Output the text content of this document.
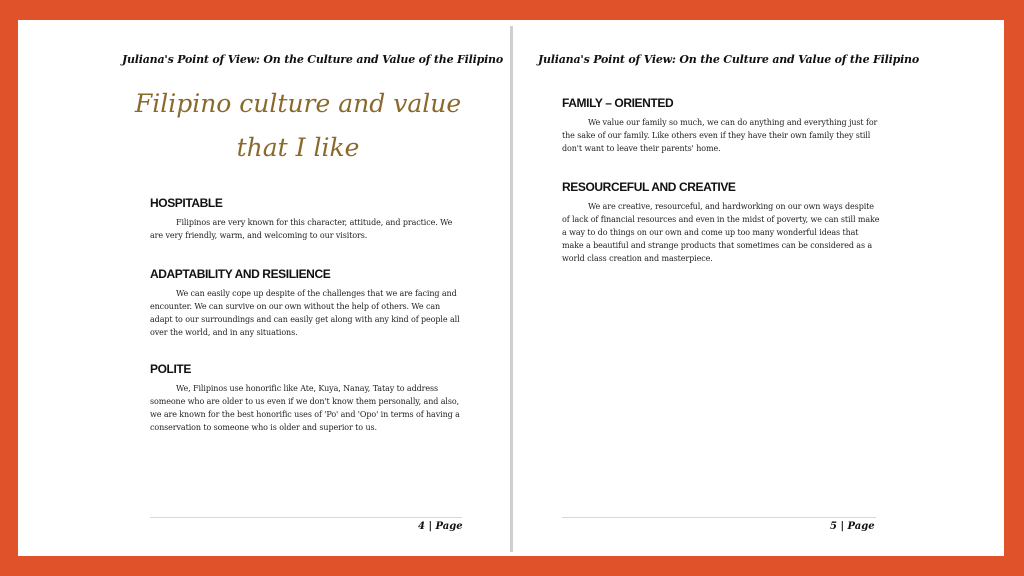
Juliana's Point of View: On the Culture and Value of the Filipino
Filipino culture and value that I like
HOSPITABLE

Filipinos are very known for this character, attitude, and practice. We are very friendly, warm, and welcoming to our visitors.

ADAPTABILITY AND RESILIENCE

We can easily cope up despite of the challenges that we are facing and encounter. We can survive on our own without the help of others. We can adapt to our surroundings and can easily get along with any kind of people all over the world, and in any situations.

POLITE

We, Filipinos use honorific like Ate, Kuya, Nanay, Tatay to address someone who are older to us even if we don't know them personally, and also, we are known for the best honorific uses of 'Po' and 'Opo' in terms of having a conservation to someone who is older and superior to us.

4 | Page
Juliana's Point of View: On the Culture and Value of the Filipino
FAMILY – ORIENTED

We value our family so much, we can do anything and everything just for the sake of our family. Like others even if they have their own family they still don't want to leave their parents' home.

RESOURCEFUL AND CREATIVE

We are creative, resourceful, and hardworking on our own ways despite of lack of financial resources and even in the midst of poverty, we can still make a way to do things on our own and come up too many wonderful ideas that make a beautiful and strange products that sometimes can be considered as a world class creation and masterpiece.

5 | Page
